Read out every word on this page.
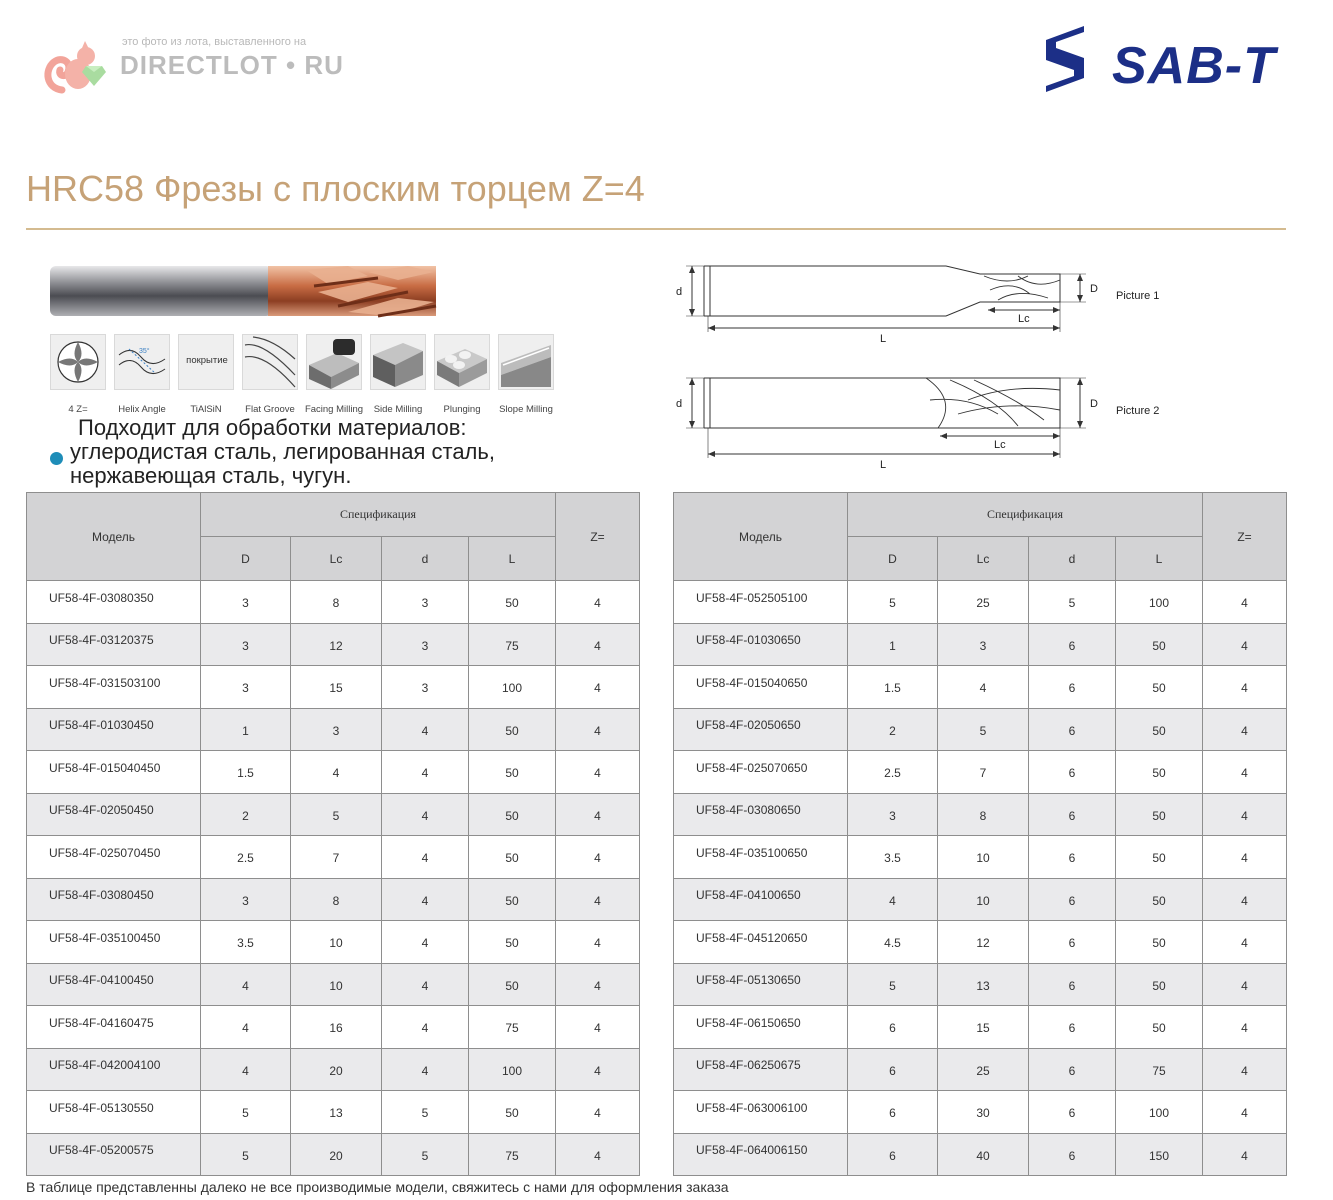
это фото из лота, выставленного на
DIRECTLOT • RU	SAB-T
HRC58 Фрезы с плоским торцем Z=4
35°
покрытие
4 Z=	Helix Angle	TiAlSiN	Flat Groove	Facing Milling	Side Milling	Plunging	Slope Milling
Подходит для обработки материалов:
углеродистая сталь, легированная сталь,
нержавеющая сталь, чугун.
d	D
Lc
L
Picture 1
d	D
Lc
L
Picture 2
Модель	Спецификация				Z=
	D	Lc	d	L	
UF58-4F-03080350	3	8	3	50	4
UF58-4F-03120375	3	12	3	75	4
UF58-4F-031503100	3	15	3	100	4
UF58-4F-01030450	1	3	4	50	4
UF58-4F-015040450	1.5	4	4	50	4
UF58-4F-02050450	2	5	4	50	4
UF58-4F-025070450	2.5	7	4	50	4
UF58-4F-03080450	3	8	4	50	4
UF58-4F-035100450	3.5	10	4	50	4
UF58-4F-04100450	4	10	4	50	4
UF58-4F-04160475	4	16	4	75	4
UF58-4F-042004100	4	20	4	100	4
UF58-4F-05130550	5	13	5	50	4
UF58-4F-05200575	5	20	5	75	4
Модель	Спецификация				Z=
	D	Lc	d	L	
UF58-4F-052505100	5	25	5	100	4
UF58-4F-01030650	1	3	6	50	4
UF58-4F-015040650	1.5	4	6	50	4
UF58-4F-02050650	2	5	6	50	4
UF58-4F-025070650	2.5	7	6	50	4
UF58-4F-03080650	3	8	6	50	4
UF58-4F-035100650	3.5	10	6	50	4
UF58-4F-04100650	4	10	6	50	4
UF58-4F-045120650	4.5	12	6	50	4
UF58-4F-05130650	5	13	6	50	4
UF58-4F-06150650	6	15	6	50	4
UF58-4F-06250675	6	25	6	75	4
UF58-4F-063006100	6	30	6	100	4
UF58-4F-064006150	6	40	6	150	4
В таблице представленны далеко не все производимые модели, свяжитесь с нами для оформления заказа
